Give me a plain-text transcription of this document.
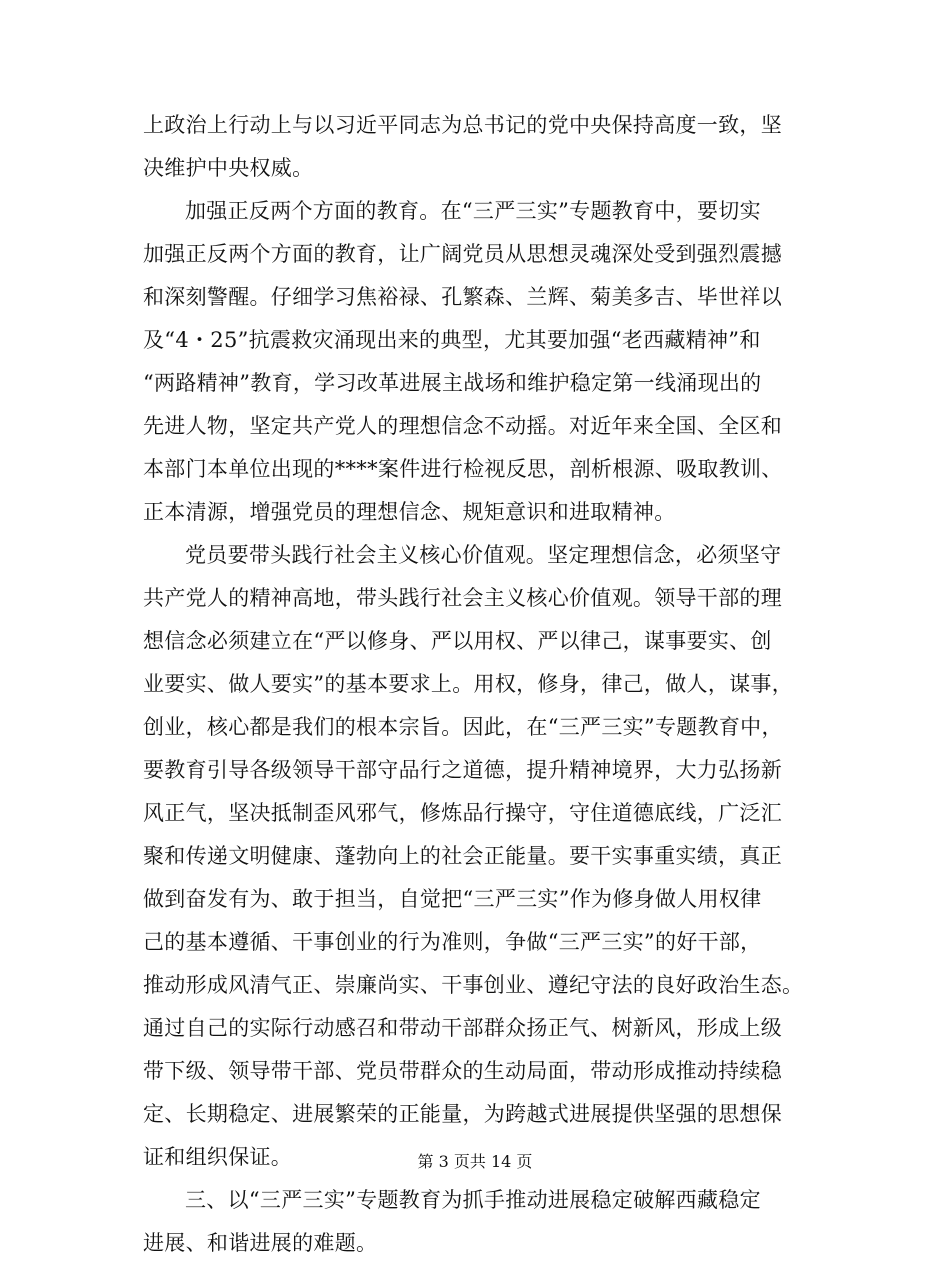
上政治上行动上与以习近平同志为总书记的党中央保持高度一致，坚
决维护中央权威。
加强正反两个方面的教育。在“三严三实”专题教育中，要切实
加强正反两个方面的教育，让广阔党员从思想灵魂深处受到强烈震撼
和深刻警醒。仔细学习焦裕禄、孔繁森、兰辉、菊美多吉、毕世祥以
及“4・25”抗震救灾涌现出来的典型，尤其要加强“老西藏精神”和
“两路精神”教育，学习改革进展主战场和维护稳定第一线涌现出的
先进人物，坚定共产党人的理想信念不动摇。对近年来全国、全区和
本部门本单位出现的****案件进行检视反思，剖析根源、吸取教训、
正本清源，增强党员的理想信念、规矩意识和进取精神。
党员要带头践行社会主义核心价值观。坚定理想信念，必须坚守
共产党人的精神高地，带头践行社会主义核心价值观。领导干部的理
想信念必须建立在“严以修身、严以用权、严以律己，谋事要实、创
业要实、做人要实”的基本要求上。用权，修身，律己，做人，谋事，
创业，核心都是我们的根本宗旨。因此，在“三严三实”专题教育中，
要教育引导各级领导干部守品行之道德，提升精神境界，大力弘扬新
风正气，坚决抵制歪风邪气，修炼品行操守，守住道德底线，广泛汇
聚和传递文明健康、蓬勃向上的社会正能量。要干实事重实绩，真正
做到奋发有为、敢于担当，自觉把“三严三实”作为修身做人用权律
己的基本遵循、干事创业的行为准则，争做“三严三实”的好干部，
推动形成风清气正、崇廉尚实、干事创业、遵纪守法的良好政治生态。
通过自己的实际行动感召和带动干部群众扬正气、树新风，形成上级
带下级、领导带干部、党员带群众的生动局面，带动形成推动持续稳
定、长期稳定、进展繁荣的正能量，为跨越式进展提供坚强的思想保
证和组织保证。
三、以“三严三实”专题教育为抓手推动进展稳定破解西藏稳定
进展、和谐进展的难题。
第 3 页共 14 页
